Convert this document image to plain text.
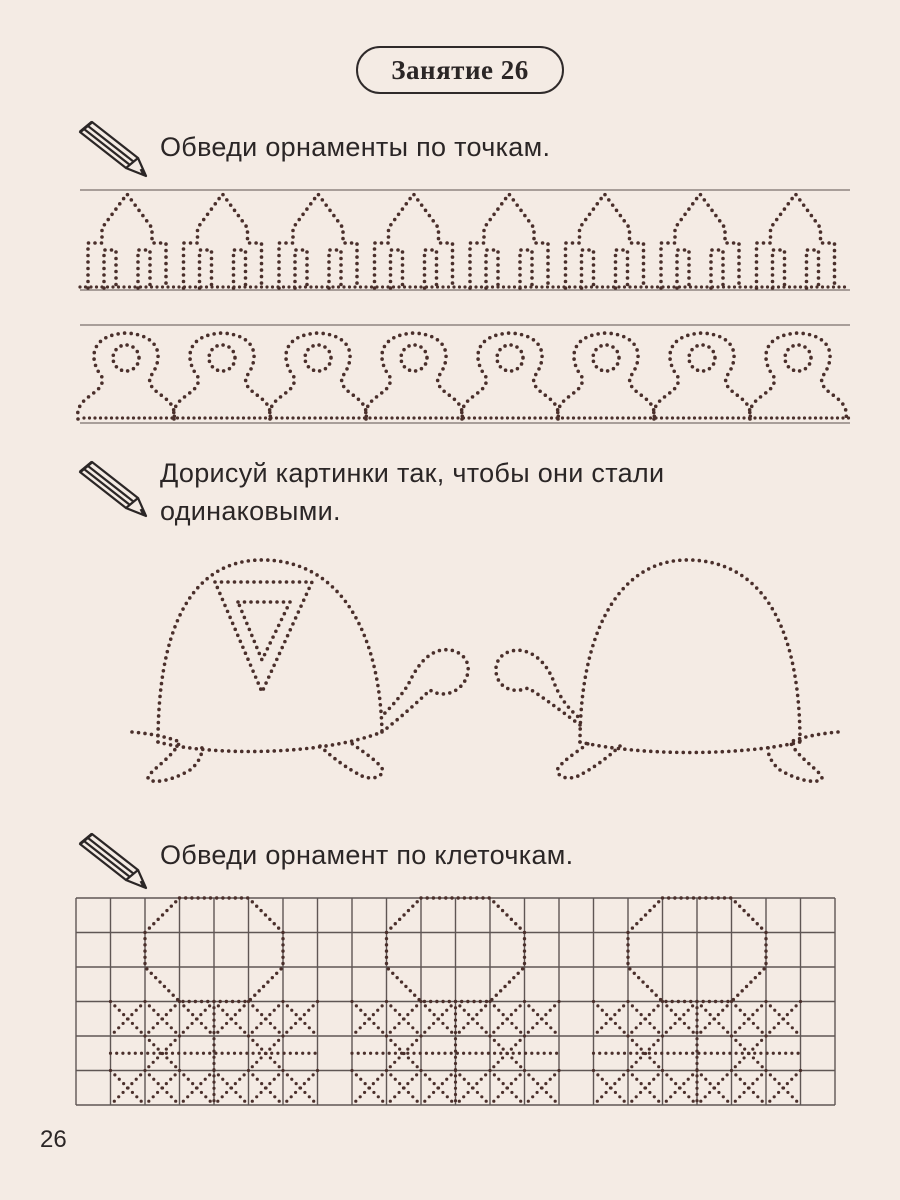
Занятие 26
Обведи орнаменты по точкам.
Дорисуй картинки так, чтобы они стали
одинаковыми.
Обведи орнамент по клеточкам.
26
